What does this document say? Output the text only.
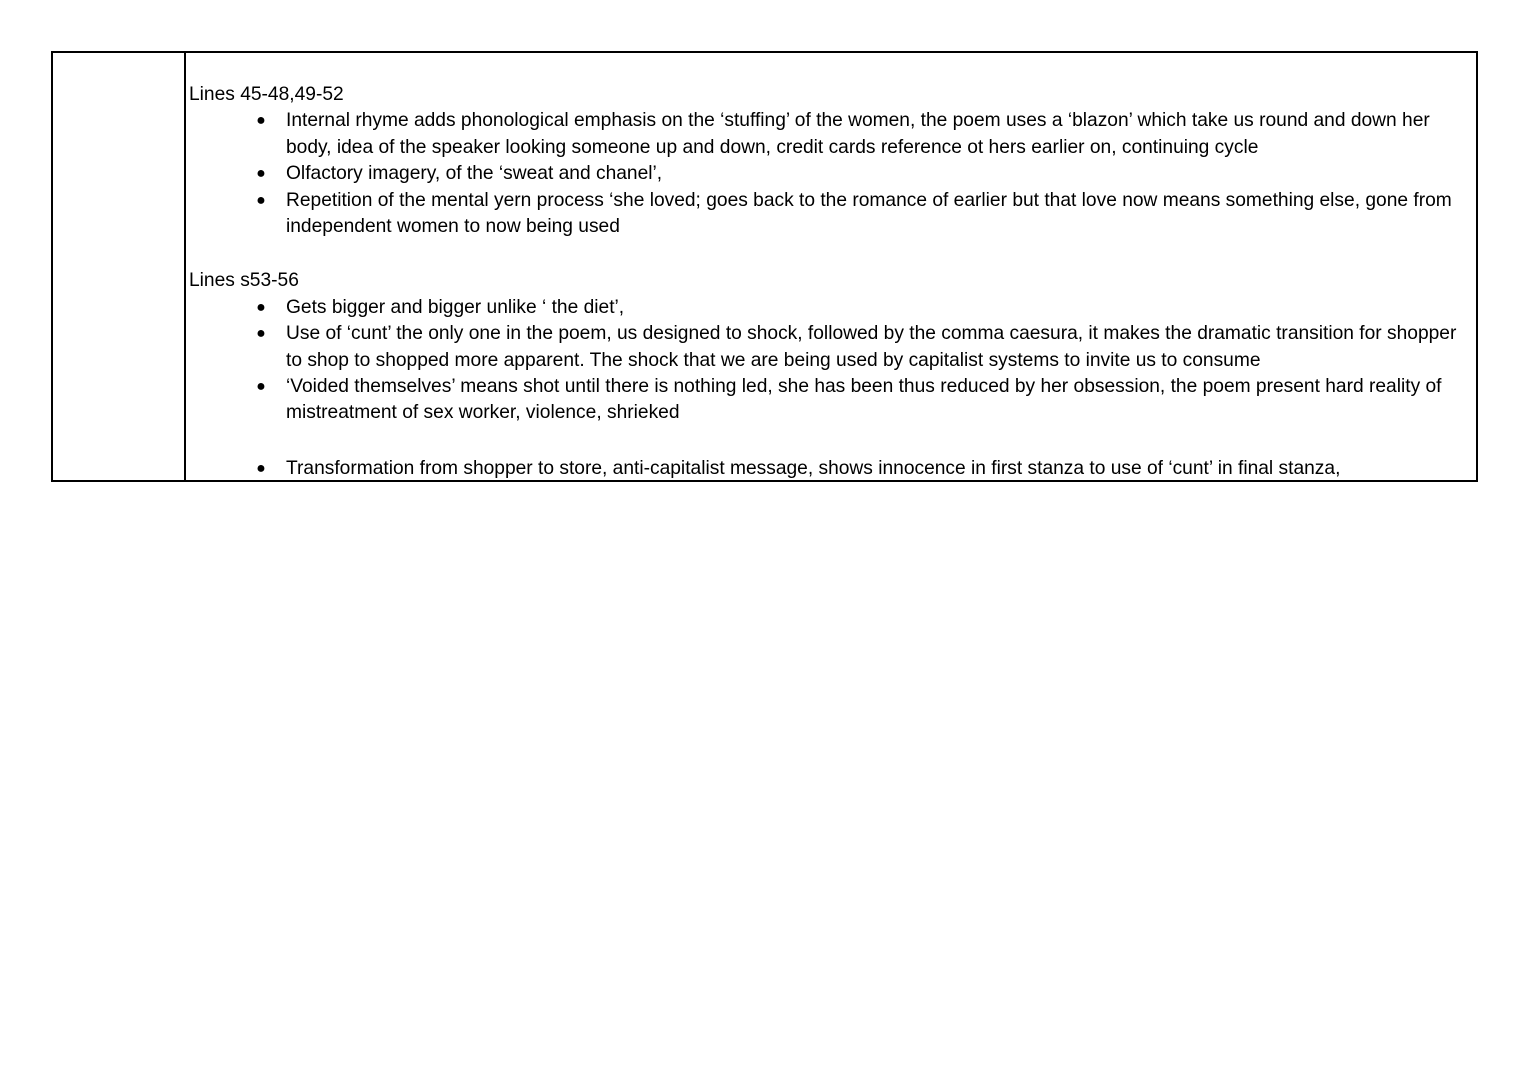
Lines 45-48,49-52
● Internal rhyme adds phonological emphasis on the ‘stuffing’ of the women, the poem uses a ‘blazon’ which take us round and down her body, idea of the speaker looking someone up and down, credit cards reference ot hers earlier on, continuing cycle
● Olfactory imagery, of the ‘sweat and chanel’,
● Repetition of the mental yern process ‘she loved; goes back to the romance of earlier but that love now means something else, gone from independent women to now being used
Lines s53-56
● Gets bigger and bigger unlike ‘ the diet’,
● Use of ‘cunt’ the only one in the poem, us designed to shock, followed by the comma caesura, it makes the dramatic transition for shopper to shop to shopped more apparent. The shock that we are being used by capitalist systems to invite us to consume
● ‘Voided themselves’ means shot until there is nothing led, she has been thus reduced by her obsession, the poem present hard reality of mistreatment of sex worker, violence, shrieked
● Transformation from shopper to store, anti-capitalist message, shows innocence in first stanza to use of ‘cunt’ in final stanza,
